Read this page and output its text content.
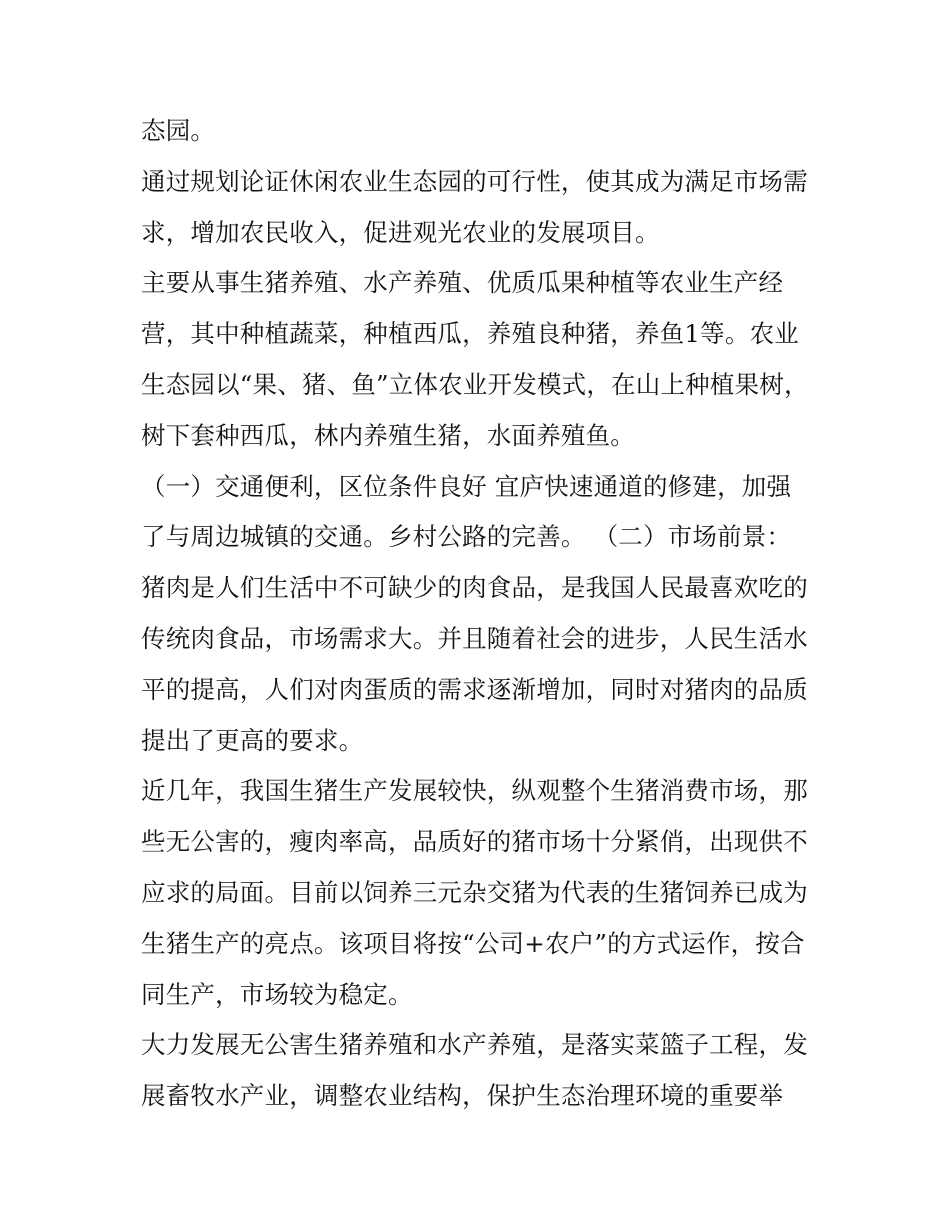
态园。
通过规划论证休闲农业生态园的可行性，使其成为满足市场需
求，增加农民收入，促进观光农业的发展项目。
主要从事生猪养殖、水产养殖、优质瓜果种植等农业生产经
营，其中种植蔬菜，种植西瓜，养殖良种猪，养鱼1等。农业
生态园以“果、猪、鱼”立体农业开发模式，在山上种植果树，
树下套种西瓜，林内养殖生猪，水面养殖鱼。
（一）交通便利，区位条件良好 宜庐快速通道的修建，加强
了与周边城镇的交通。乡村公路的完善。 （二）市场前景：
猪肉是人们生活中不可缺少的肉食品，是我国人民最喜欢吃的
传统肉食品，市场需求大。并且随着社会的进步，人民生活水
平的提高，人们对肉蛋质的需求逐渐增加，同时对猪肉的品质
提出了更高的要求。
近几年，我国生猪生产发展较快，纵观整个生猪消费市场，那
些无公害的，瘦肉率高，品质好的猪市场十分紧俏，出现供不
应求的局面。目前以饲养三元杂交猪为代表的生猪饲养已成为
生猪生产的亮点。该项目将按“公司+农户”的方式运作，按合
同生产，市场较为稳定。
大力发展无公害生猪养殖和水产养殖，是落实菜篮子工程，发
展畜牧水产业，调整农业结构，保护生态治理环境的重要举
